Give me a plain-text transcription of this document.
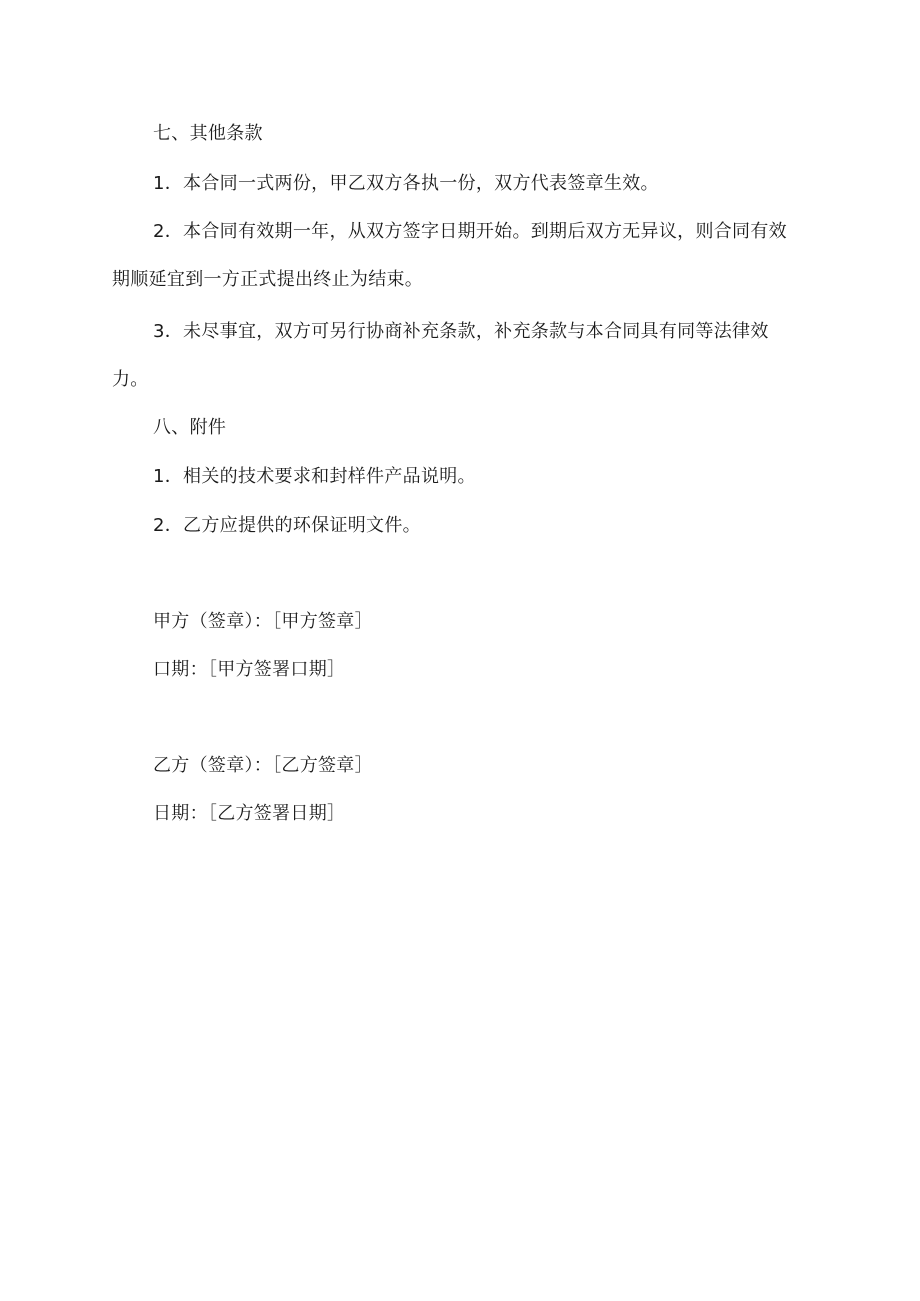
七、其他条款
1．本合同一式两份，甲乙双方各执一份，双方代表签章生效。
2．本合同有效期一年，从双方签字日期开始。到期后双方无异议，则合同有效
期顺延宜到一方正式提出终止为结束。
3．未尽事宜，双方可另行协商补充条款，补充条款与本合同具有同等法律效
力。
八、附件
1．相关的技术要求和封样件产品说明。
2．乙方应提供的环保证明文件。
甲方（签章）：［甲方签章］
口期：［甲方签署口期］
乙方（签章）：［乙方签章］
日期：［乙方签署日期］
